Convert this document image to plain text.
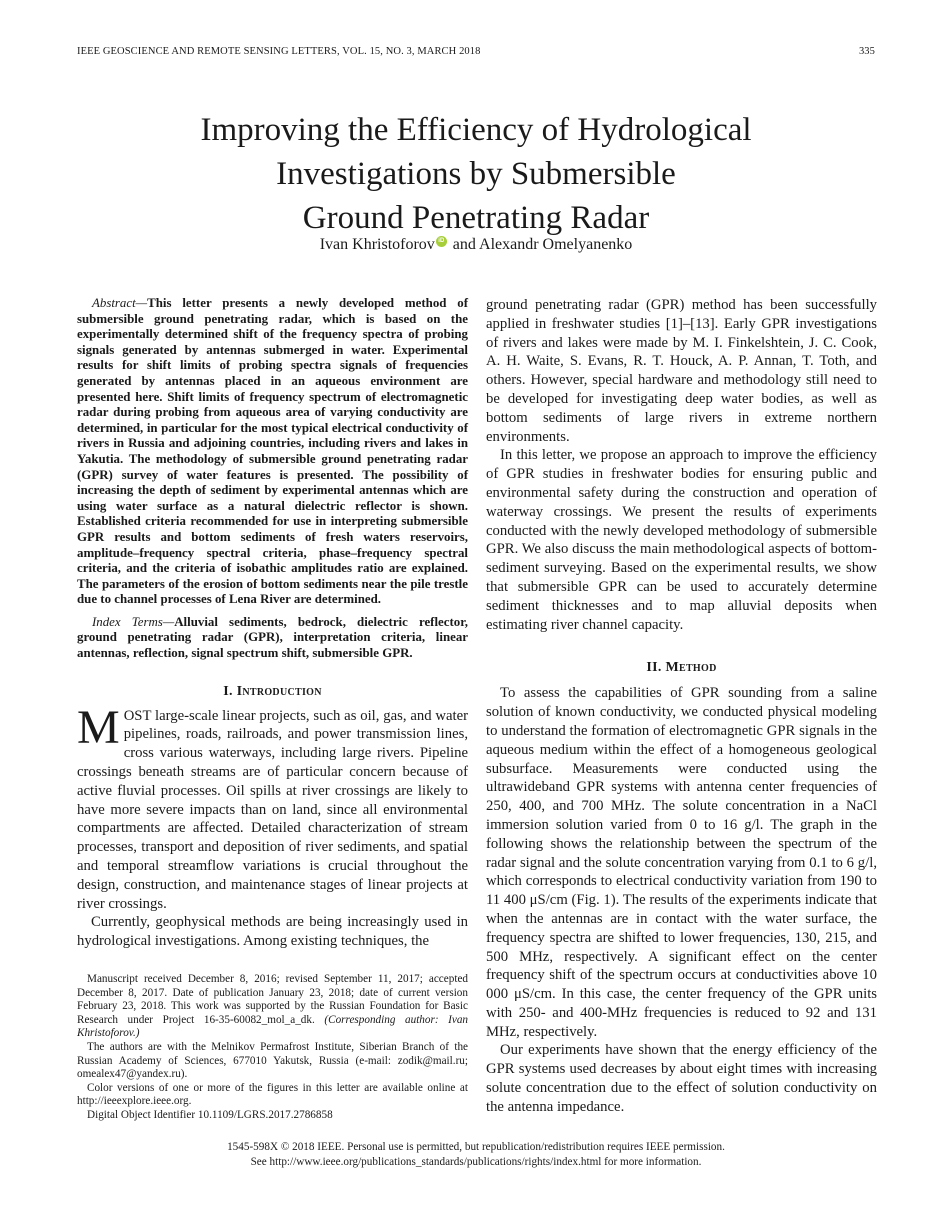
IEEE GEOSCIENCE AND REMOTE SENSING LETTERS, VOL. 15, NO. 3, MARCH 2018	335
Improving the Efficiency of Hydrological
Investigations by Submersible
Ground Penetrating Radar
Ivan Khristoforov iD and Alexandr Omelyanenko

Abstract—This letter presents a newly developed method of submersible ground penetrating radar, which is based on the experimentally determined shift of the frequency spectra of probing signals generated by antennas submerged in water. Experimental results for shift limits of probing spectra signals of frequencies generated by antennas placed in an aqueous environment are presented here. Shift limits of frequency spectrum of electromagnetic radar during probing from aqueous area of varying conductivity are determined, in particular for the most typical electrical conductivity of rivers in Russia and adjoining countries, including rivers and lakes in Yakutia. The methodology of submersible ground penetrating radar (GPR) survey of water features is presented. The possibility of increasing the depth of sediment by experimental antennas which are using water surface as a natural dielectric reflector is shown. Established criteria recommended for use in interpreting submersible GPR results and bottom sediments of fresh waters reservoirs, amplitude–frequency spectral criteria, phase–frequency spectral criteria, and the criteria of isobathic amplitudes ratio are explained. The parameters of the erosion of bottom sediments near the pile trestle due to channel processes of Lena River are determined.

Index Terms—Alluvial sediments, bedrock, dielectric reflector, ground penetrating radar (GPR), interpretation criteria, linear antennas, reflection, signal spectrum shift, submersible GPR.

I. Introduction

MOST large-scale linear projects, such as oil, gas, and water pipelines, roads, railroads, and power transmission lines, cross various waterways, including large rivers. Pipeline crossings beneath streams are of particular concern because of active fluvial processes. Oil spills at river crossings are likely to have more severe impacts than on land, since all environmental compartments are affected. Detailed characterization of stream processes, transport and deposition of river sediments, and spatial and temporal streamflow variations is crucial throughout the design, construction, and maintenance stages of linear projects at river crossings.

Currently, geophysical methods are being increasingly used in hydrological investigations. Among existing techniques, the

Manuscript received December 8, 2016; revised September 11, 2017; accepted December 8, 2017. Date of publication January 23, 2018; date of current version February 23, 2018. This work was supported by the Russian Foundation for Basic Research under Project 16-35-60082_mol_a_dk. (Corresponding author: Ivan Khristoforov.)

The authors are with the Melnikov Permafrost Institute, Siberian Branch of the Russian Academy of Sciences, 677010 Yakutsk, Russia (e-mail: zodik@mail.ru; omealex47@yandex.ru).

Color versions of one or more of the figures in this letter are available online at http://ieeexplore.ieee.org.

Digital Object Identifier 10.1109/LGRS.2017.2786858

ground penetrating radar (GPR) method has been successfully applied in freshwater studies [1]–[13]. Early GPR investigations of rivers and lakes were made by M. I. Finkelshtein, J. C. Cook, A. H. Waite, S. Evans, R. T. Houck, A. P. Annan, T. Toth, and others. However, special hardware and methodology still need to be developed for investigating deep water bodies, as well as bottom sediments of large rivers in extreme northern environments.

In this letter, we propose an approach to improve the efficiency of GPR studies in freshwater bodies for ensuring public and environmental safety during the construction and operation of waterway crossings. We present the results of experiments conducted with the newly developed methodology of submersible GPR. We also discuss the main methodological aspects of bottom-sediment surveying. Based on the experimental results, we show that submersible GPR can be used to accurately determine sediment thicknesses and to map alluvial deposits when estimating river channel capacity.

II. Method

To assess the capabilities of GPR sounding from a saline solution of known conductivity, we conducted physical modeling to understand the formation of electromagnetic GPR signals in the aqueous medium within the effect of a homogeneous geological subsurface. Measurements were conducted using the ultrawideband GPR systems with antenna center frequencies of 250, 400, and 700 MHz. The solute concentration in a NaCl immersion solution varied from 0 to 16 g/l. The graph in the following shows the relationship between the spectrum of the radar signal and the solute concentration varying from 0.1 to 6 g/l, which corresponds to electrical conductivity variation from 190 to 11 400 μS/cm (Fig. 1). The results of the experiments indicate that when the antennas are in contact with the water surface, the frequency spectra are shifted to lower frequencies, 130, 215, and 500 MHz, respectively. A significant effect on the center frequency shift of the spectrum occurs at conductivities above 10 000 μS/cm. In this case, the center frequency of the GPR units with 250- and 400-MHz frequencies is reduced to 92 and 131 MHz, respectively.

Our experiments have shown that the energy efficiency of the GPR systems used decreases by about eight times with increasing solute concentration due to the effect of solution conductivity on the antenna impedance.

1545-598X © 2018 IEEE. Personal use is permitted, but republication/redistribution requires IEEE permission.
See http://www.ieee.org/publications_standards/publications/rights/index.html for more information.
